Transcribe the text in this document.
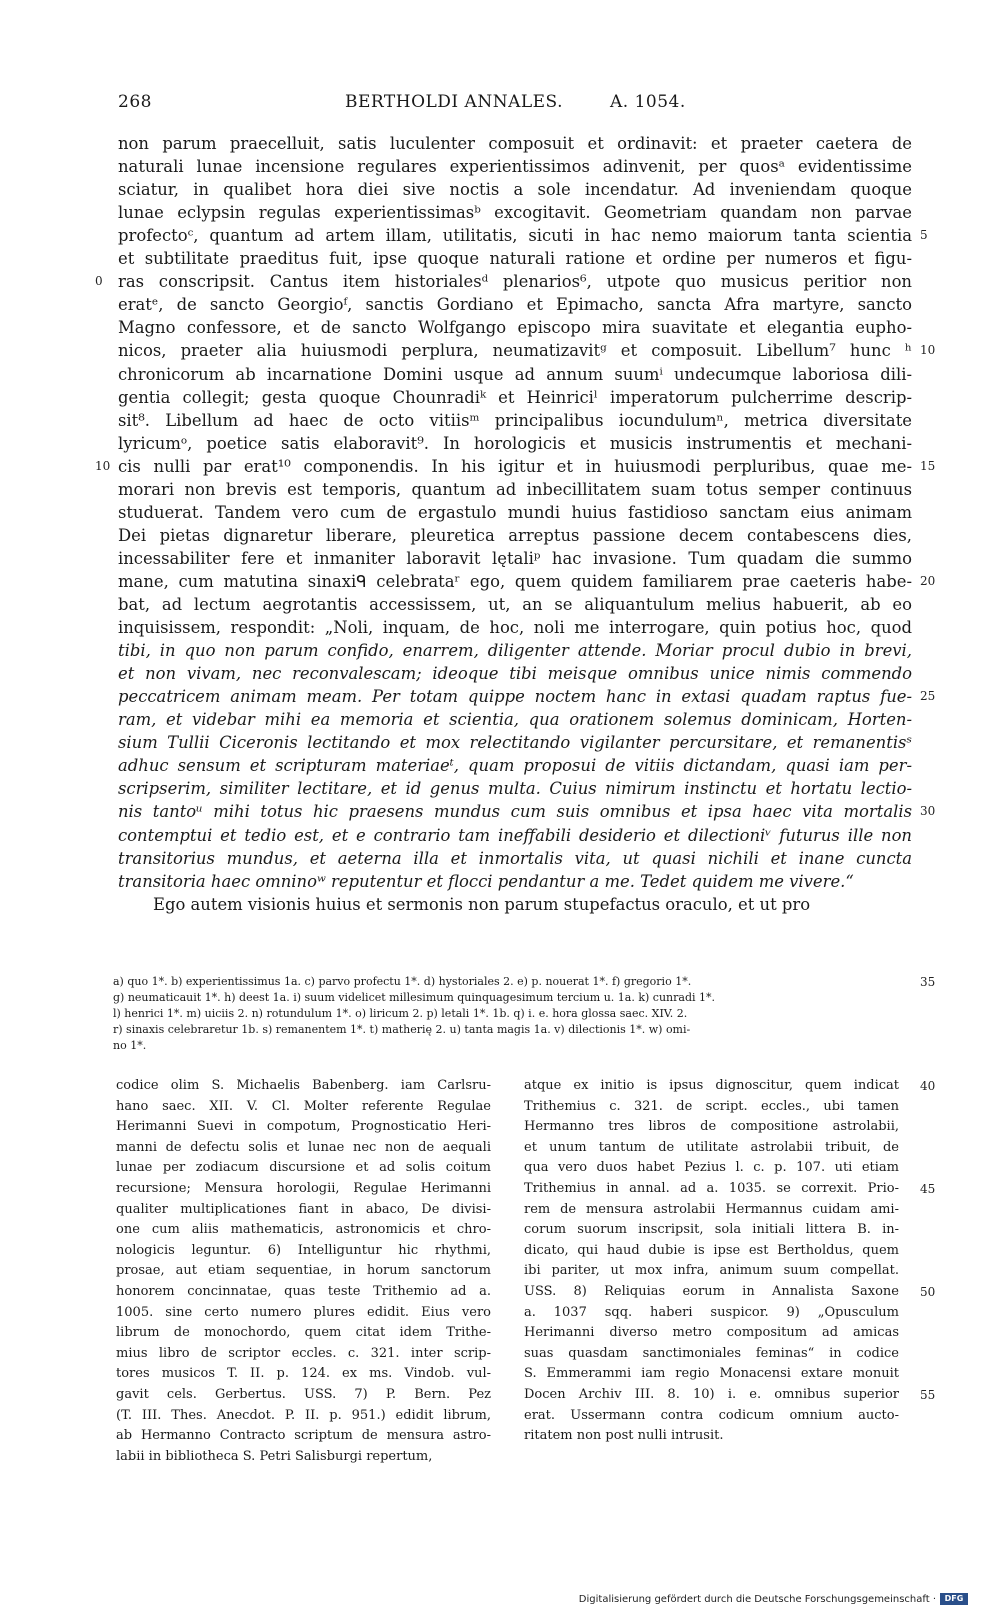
268	BERTHOLDI ANNALES.	A. 1054.
non parum praecelluit, satis luculenter composuit et ordinavit: et praeter caetera de
naturali lunae incensione regulares experientissimos adinvenit, per quosᵃ evidentissime
sciatur, in qualibet hora diei sive noctis a sole incendatur. Ad inveniendam quoque
lunae eclypsin regulas experientissimasᵇ excogitavit. Geometriam quandam non parvae
profectoᶜ, quantum ad artem illam, utilitatis, sicuti in hac nemo maiorum tanta scientia
et subtilitate praeditus fuit, ipse quoque naturali ratione et ordine per numeros et figu-
ras conscripsit. Cantus item historialesᵈ plenarios⁶, utpote quo musicus peritior non
eratᵉ, de sancto Georgioᶠ, sanctis Gordiano et Epimacho, sancta Afra martyre, sancto
Magno confessore, et de sancto Wolfgango episcopo mira suavitate et elegantia eupho-
nicos, praeter alia huiusmodi perplura, neumatizavitᵍ et composuit. Libellum⁷ hunc ʰ
chronicorum ab incarnatione Domini usque ad annum suumⁱ undecumque laboriosa dili-
gentia collegit; gesta quoque Chounradiᵏ et Heinriciˡ imperatorum pulcherrime descrip-
sit⁸. Libellum ad haec de octo vitiisᵐ principalibus iocundulumⁿ, metrica diversitate
lyricumᵒ, poetice satis elaboravit⁹. In horologicis et musicis instrumentis et mechani-
cis nulli par erat¹⁰ componendis. In his igitur et in huiusmodi perpluribus, quae me-
morari non brevis est temporis, quantum ad inbecillitatem suam totus semper continuus
studuerat. Tandem vero cum de ergastulo mundi huius fastidioso sanctam eius animam
Dei pietas dignaretur liberare, pleuretica arreptus passione decem contabescens dies,
incessabiliter fere et inmaniter laboravit lętaliᵖ hac invasione. Tum quadam die summo
mane, cum matutina sinaxiᑫ celebrataʳ ego, quem quidem familiarem prae caeteris habe-
bat, ad lectum aegrotantis accessissem, ut, an se aliquantulum melius habuerit, ab eo
inquisissem, respondit: „Noli, inquam, de hoc, noli me interrogare, quin potius hoc, quod
tibi, in quo non parum confido, enarrem, diligenter attende. Moriar procul dubio in brevi,
et non vivam, nec reconvalescam; ideoque tibi meisque omnibus unice nimis commendo
peccatricem animam meam. Per totam quippe noctem hanc in extasi quadam raptus fue-
ram, et videbar mihi ea memoria et scientia, qua orationem solemus dominicam, Horten-
sium Tullii Ciceronis lectitando et mox relectitando vigilanter percursitare, et remanentisˢ
adhuc sensum et scripturam materiaeᵗ, quam proposui de vitiis dictandam, quasi iam per-
scripserim, similiter lectitare, et id genus multa. Cuius nimirum instinctu et hortatu lectio-
nis tantoᵘ mihi totus hic praesens mundus cum suis omnibus et ipsa haec vita mortalis
contemptui et tedio est, et e contrario tam ineffabili desiderio et dilectioniᵛ futurus ille non
transitorius mundus, et aeterna illa et inmortalis vita, ut quasi nichili et inane cuncta
transitoria haec omninoʷ reputentur et flocci pendantur a me. Tedet quidem me vivere.“
Ego autem visionis huius et sermonis non parum stupefactus oraculo, et ut pro
5
10
15
20
25
30
0
10
35
40
45
50
55
a) quo 1*. b) experientissimus 1a. c) parvo profectu 1*. d) hystoriales 2. e) p. nouerat 1*. f) gregorio 1*.
g) neumaticauit 1*. h) deest 1a. i) suum videlicet millesimum quinquagesimum tercium u. 1a. k) cunradi 1*.
l) henrici 1*. m) uiciis 2. n) rotundulum 1*. o) liricum 2. p) letali 1*. 1b. q) i. e. hora glossa saec. XIV. 2.
r) sinaxis celebraretur 1b. s) remanentem 1*. t) matherię 2. u) tanta magis 1a. v) dilectionis 1*. w) omi-
no 1*.
codice olim S. Michaelis Babenberg. iam Carlsru-
hano saec. XII. V. Cl. Molter referente Regulae
Herimanni Suevi in compotum, Prognosticatio Heri-
manni de defectu solis et lunae nec non de aequali
lunae per zodiacum discursione et ad solis coitum
recursione; Mensura horologii, Regulae Herimanni
qualiter multiplicationes fiant in abaco, De divisi-
one cum aliis mathematicis, astronomicis et chro-
nologicis leguntur. 6) Intelliguntur hic rhythmi,
prosae, aut etiam sequentiae, in horum sanctorum
honorem concinnatae, quas teste Trithemio ad a.
1005. sine certo numero plures edidit. Eius vero
librum de monochordo, quem citat idem Trithe-
mius libro de scriptor eccles. c. 321. inter scrip-
tores musicos T. II. p. 124. ex ms. Vindob. vul-
gavit cels. Gerbertus. USS. 7) P. Bern. Pez
(T. III. Thes. Anecdot. P. II. p. 951.) edidit librum,
ab Hermanno Contracto scriptum de mensura astro-
labii in bibliotheca S. Petri Salisburgi repertum,
atque ex initio is ipsus dignoscitur, quem indicat
Trithemius c. 321. de script. eccles., ubi tamen
Hermanno tres libros de compositione astrolabii,
et unum tantum de utilitate astrolabii tribuit, de
qua vero duos habet Pezius l. c. p. 107. uti etiam
Trithemius in annal. ad a. 1035. se correxit. Prio-
rem de mensura astrolabii Hermannus cuidam ami-
corum suorum inscripsit, sola initiali littera B. in-
dicato, qui haud dubie is ipse est Bertholdus, quem
ibi pariter, ut mox infra, animum suum compellat.
USS. 8) Reliquias eorum in Annalista Saxone
a. 1037 sqq. haberi suspicor. 9) „Opusculum
Herimanni diverso metro compositum ad amicas
suas quasdam sanctimoniales feminas“ in codice
S. Emmerammi iam regio Monacensi extare monuit
Docen Archiv III. 8. 10) i. e. omnibus superior
erat. Ussermann contra codicum omnium aucto-
ritatem non post nulli intrusit.
Digitalisierung gefördert durch die Deutsche Forschungsgemeinschaft ·	DFG
